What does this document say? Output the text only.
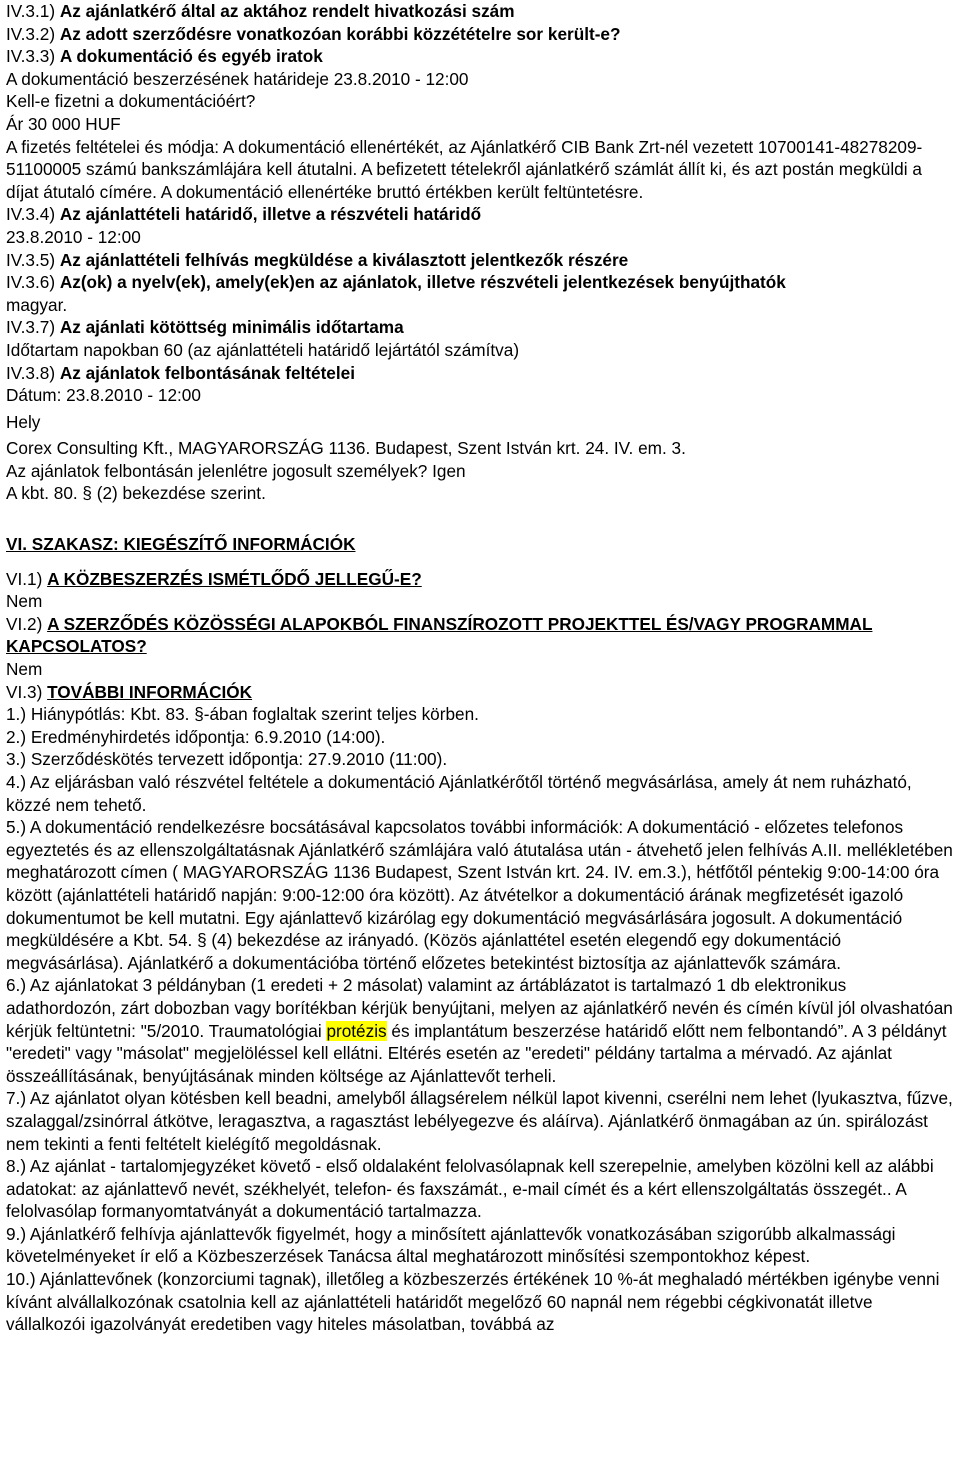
IV.3.1) Az ajánlatkérő által az aktához rendelt hivatkozási szám
IV.3.2) Az adott szerződésre vonatkozóan korábbi közzétételre sor került-e?
IV.3.3) A dokumentáció és egyéb iratok
A dokumentáció beszerzésének határideje 23.8.2010 - 12:00
Kell-e fizetni a dokumentációért?
Ár 30 000 HUF
A fizetés feltételei és módja: A dokumentáció ellenértékét, az Ajánlatkérő CIB Bank Zrt-nél vezetett 10700141-48278209-51100005 számú bankszámlájára kell átutalni. A befizetett tételekről ajánlatkérő számlát állít ki, és azt postán megküldi a díjat átutaló címére. A dokumentáció ellenértéke bruttó értékben került feltüntetésre.
IV.3.4) Az ajánlattételi határidő, illetve a részvételi határidő
23.8.2010 - 12:00
IV.3.5) Az ajánlattételi felhívás megküldése a kiválasztott jelentkezők részére
IV.3.6) Az(ok) a nyelv(ek), amely(ek)en az ajánlatok, illetve részvételi jelentkezések benyújthatók
magyar.
IV.3.7) Az ajánlati kötöttség minimális időtartama
Időtartam napokban 60 (az ajánlattételi határidő lejártától számítva)
IV.3.8) Az ajánlatok felbontásának feltételei
Dátum: 23.8.2010 - 12:00
Hely
Corex Consulting Kft., MAGYARORSZÁG 1136. Budapest, Szent István krt. 24. IV. em. 3.
Az ajánlatok felbontásán jelenlétre jogosult személyek? Igen
A kbt. 80. § (2) bekezdése szerint.
VI. SZAKASZ: KIEGÉSZÍTŐ INFORMÁCIÓK
VI.1) A KÖZBESZERZÉS ISMÉTLŐDŐ JELLEGŰ-E?
Nem
VI.2) A SZERZŐDÉS KÖZÖSSÉGI ALAPOKBÓL FINANSZÍROZOTT PROJEKTTEL ÉS/VAGY PROGRAMMAL KAPCSOLATOS?
Nem
VI.3) TOVÁBBI INFORMÁCIÓK
1.) Hiánypótlás: Kbt. 83. §-ában foglaltak szerint teljes körben.
2.) Eredményhirdetés időpontja: 6.9.2010 (14:00).
3.) Szerződéskötés tervezett időpontja: 27.9.2010 (11:00).
4.) Az eljárásban való részvétel feltétele a dokumentáció Ajánlatkérőtől történő megvásárlása, amely át nem ruházható, közzé nem tehető.
5.) A dokumentáció rendelkezésre bocsátásával kapcsolatos további információk: A dokumentáció - előzetes telefonos egyeztetés és az ellenszolgáltatásnak Ajánlatkérő számlájára való átutalása után - átvehető jelen felhívás A.II. mellékletében meghatározott címen ( MAGYARORSZÁG 1136 Budapest, Szent István krt. 24. IV. em.3.), hétfőtől péntekig 9:00-14:00 óra között (ajánlattételi határidő napján: 9:00-12:00 óra között). Az átvételkor a dokumentáció árának megfizetését igazoló dokumentumot be kell mutatni. Egy ajánlattevő kizárólag egy dokumentáció megvásárlására jogosult. A dokumentáció megküldésére a Kbt. 54. § (4) bekezdése az irányadó. (Közös ajánlattétel esetén elegendő egy dokumentáció megvásárlása). Ajánlatkérő a dokumentációba történő előzetes betekintést biztosítja az ajánlattevők számára.
6.) Az ajánlatokat 3 példányban (1 eredeti + 2 másolat) valamint az ártáblázatot is tartalmazó 1 db elektronikus adathordozón, zárt dobozban vagy borítékban kérjük benyújtani, melyen az ajánlatkérő nevén és címén kívül jól olvashatóan kérjük feltüntetni: "5/2010. Traumatológiai protézis és implantátum beszerzése határidő előtt nem felbontandó”. A 3 példányt "eredeti" vagy "másolat" megjelöléssel kell ellátni. Eltérés esetén az "eredeti" példány tartalma a mérvadó. Az ajánlat összeállításának, benyújtásának minden költsége az Ajánlattevőt terheli.
7.) Az ajánlatot olyan kötésben kell beadni, amelyből állagsérelem nélkül lapot kivenni, cserélni nem lehet (lyukasztva, fűzve, szalaggal/zsinórral átkötve, leragasztva, a ragasztást lebélyegezve és aláírva). Ajánlatkérő önmagában az ún. spirálozást nem tekinti a fenti feltételt kielégítő megoldásnak.
8.) Az ajánlat - tartalomjegyzéket követő - első oldalaként felolvasólapnak kell szerepelnie, amelyben közölni kell az alábbi adatokat: az ajánlattevő nevét, székhelyét, telefon- és faxszámát., e-mail címét és a kért ellenszolgáltatás összegét.. A felolvasólap formanyomtatványát a dokumentáció tartalmazza.
9.) Ajánlatkérő felhívja ajánlattevők figyelmét, hogy a minősített ajánlattevők vonatkozásában szigorúbb alkalmassági követelményeket ír elő a Közbeszerzések Tanácsa által meghatározott minősítési szempontokhoz képest.
10.) Ajánlattevőnek (konzorciumi tagnak), illetőleg a közbeszerzés értékének 10 %-át meghaladó mértékben igénybe venni kívánt alvállalkozónak csatolnia kell az ajánlattételi határidőt megelőző 60 napnál nem régebbi cégkivonatát illetve vállalkozói igazolványát eredetiben vagy hiteles másolatban, továbbá az
